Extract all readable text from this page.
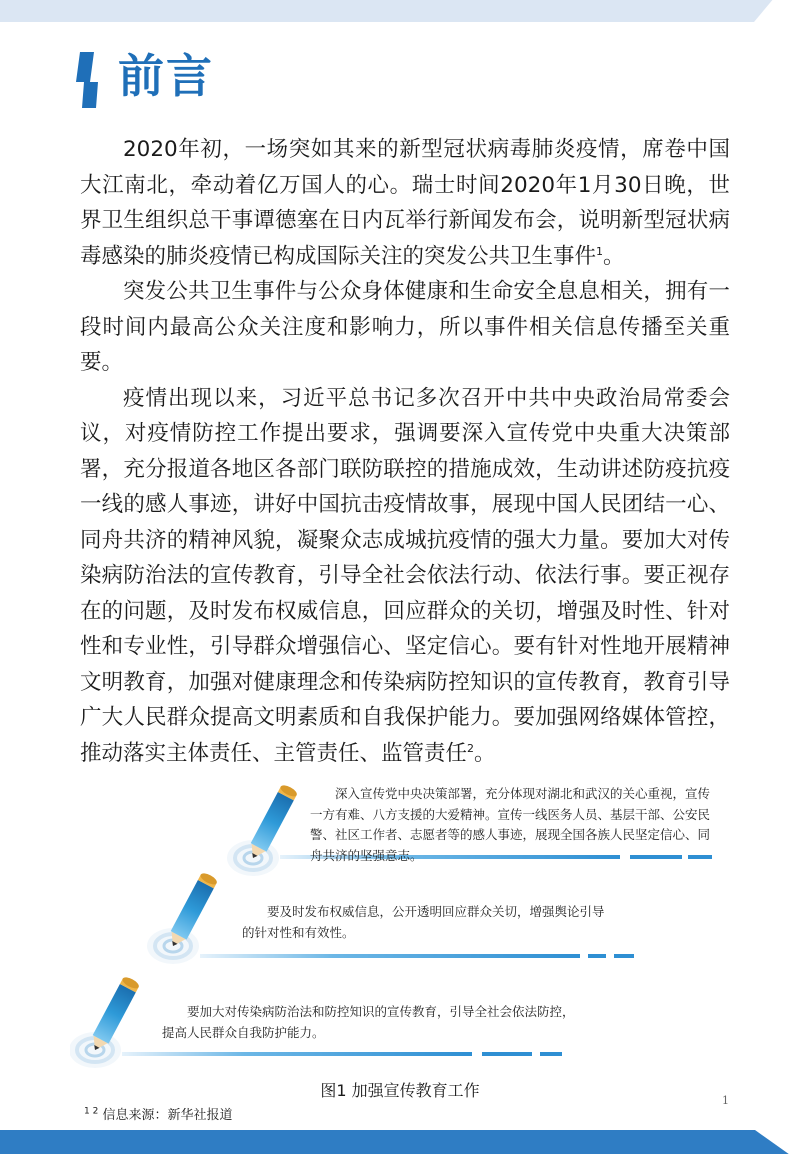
前言

2020年初，一场突如其来的新型冠状病毒肺炎疫情，席卷中国大江南北，牵动着亿万国人的心。瑞士时间2020年1月30日晚，世界卫生组织总干事谭德塞在日内瓦举行新闻发布会，说明新型冠状病毒感染的肺炎疫情已构成国际关注的突发公共卫生事件$^1$。

突发公共卫生事件与公众身体健康和生命安全息息相关，拥有一段时间内最高公众关注度和影响力，所以事件相关信息传播至关重要。

疫情出现以来，习近平总书记多次召开中共中央政治局常委会议，对疫情防控工作提出要求，强调要深入宣传党中央重大决策部署，充分报道各地区各部门联防联控的措施成效，生动讲述防疫抗疫一线的感人事迹，讲好中国抗击疫情故事，展现中国人民团结一心、同舟共济的精神风貌，凝聚众志成城抗疫情的强大力量。要加大对传染病防治法的宣传教育，引导全社会依法行动、依法行事。要正视存在的问题，及时发布权威信息，回应群众的关切，增强及时性、针对性和专业性，引导群众增强信心、坚定信心。要有针对性地开展精神文明教育，加强对健康理念和传染病防控知识的宣传教育，教育引导广大人民群众提高文明素质和自我保护能力。要加强网络媒体管控，推动落实主体责任、主管责任、监管责任$^2$。

深入宣传党中央决策部署，充分体现对湖北和武汉的关心重视，宣传一方有难、八方支援的大爱精神。宣传一线医务人员、基层干部、公安民警、社区工作者、志愿者等的感人事迹，展现全国各族人民坚定信心、同舟共济的坚强意志。

要及时发布权威信息，公开透明回应群众关切，增强舆论引导的针对性和有效性。

要加大对传染病防治法和防控知识的宣传教育，引导全社会依法防控，提高人民群众自我防护能力。

图1 加强宣传教育工作
1
$^{1 2}$ 信息来源：新华社报道
